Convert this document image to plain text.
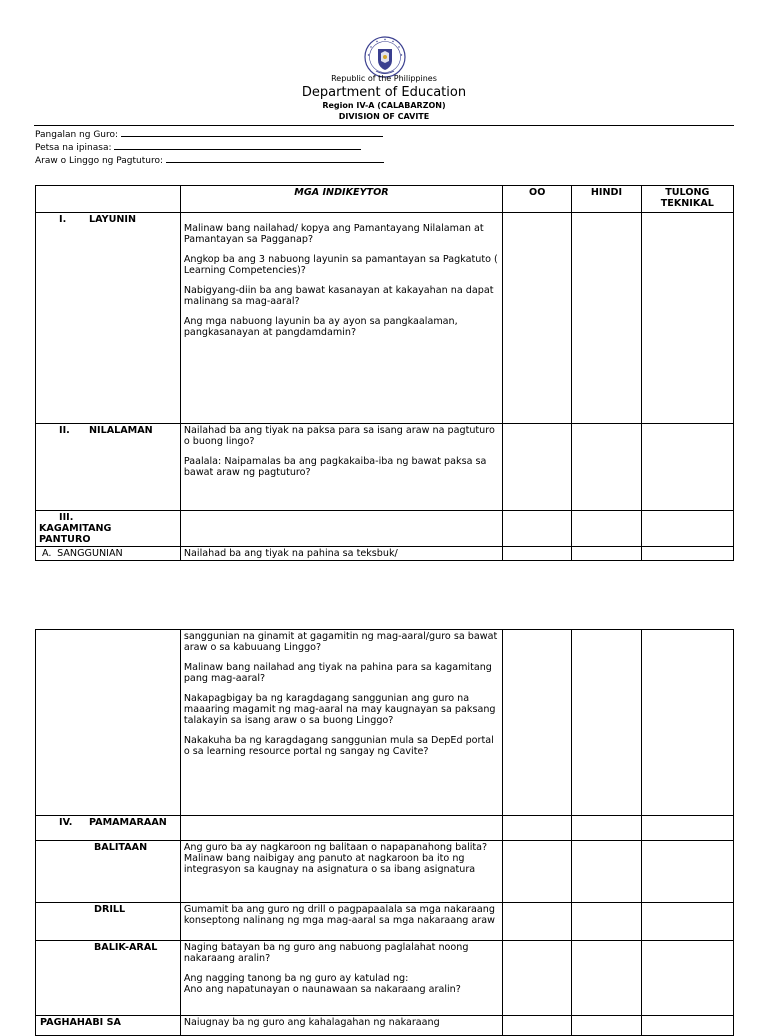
Republic of the Philippines
Department of Education
Region IV-A (CALABARZON)
DIVISION OF CAVITE
Pangalan ng Guro:
Petsa na ipinasa:
Araw o Linggo ng Pagtuturo:
	MGA INDIKEYTOR	OO	HINDI	TULONG TEKNIKAL
I. LAYUNIN	Malinaw bang nailahad/ kopya ang Pamantayang Nilalaman at Pamantayan sa Pagganap?

Angkop ba ang 3 nabuong layunin sa pamantayan sa Pagkatuto ( Learning Competencies)?

Nabigyang-diin ba ang bawat kasanayan at kakayahan na dapat malinang sa mag-aaral?

Ang mga nabuong layunin ba ay ayon sa pangkaalaman, pangkasanayan at pangdamdamin?			

II. NILALAMAN	Nailahad ba ang tiyak na paksa para sa isang araw na pagtuturo o buong lingo?

Paalala: Naipamalas ba ang pagkakaiba-iba ng bawat paksa sa bawat araw ng pagtuturo?			

III.KAGAMITANG PANTURO				
A. SANGGUNIAN	Nailahad ba ang tiyak na pahina sa teksbuk/			

	sanggunian na ginamit at gagamitin ng mag-aaral/guro sa bawat araw o sa kabuuang Linggo?

Malinaw bang nailahad ang tiyak na pahina para sa kagamitang pang mag-aaral?

Nakapagbigay ba ng karagdagang sanggunian ang guro na maaaring magamit ng mag-aaral na may kaugnayan sa paksang talakayin sa isang araw o sa buong Linggo?

Nakakuha ba ng karagdagang sanggunian mula sa DepEd portal o sa learning resource portal ng sangay ng Cavite?			

IV. PAMAMARAAN				
BALITAAN	Ang guro ba ay nagkaroon ng balitaan o napapanahong balita?
Malinaw bang naibigay ang panuto at nagkaroon ba ito ng integrasyon sa kaugnay na asignatura o sa ibang asignatura			
DRILL	Gumamit ba ang guro ng drill o pagpapaalala sa mga nakaraang konseptong nalinang ng mga mag-aaral sa mga nakaraang araw			
BALIK-ARAL	Naging batayan ba ng guro ang nabuong paglalahat noong nakaraang aralin?

Ang nagging tanong ba ng guro ay katulad ng:
Ano ang napatunayan o naunawaan sa nakaraang aralin?			

PAGHAHABI SA	Naiugnay ba ng guro ang kahalagahan ng nakaraang			
